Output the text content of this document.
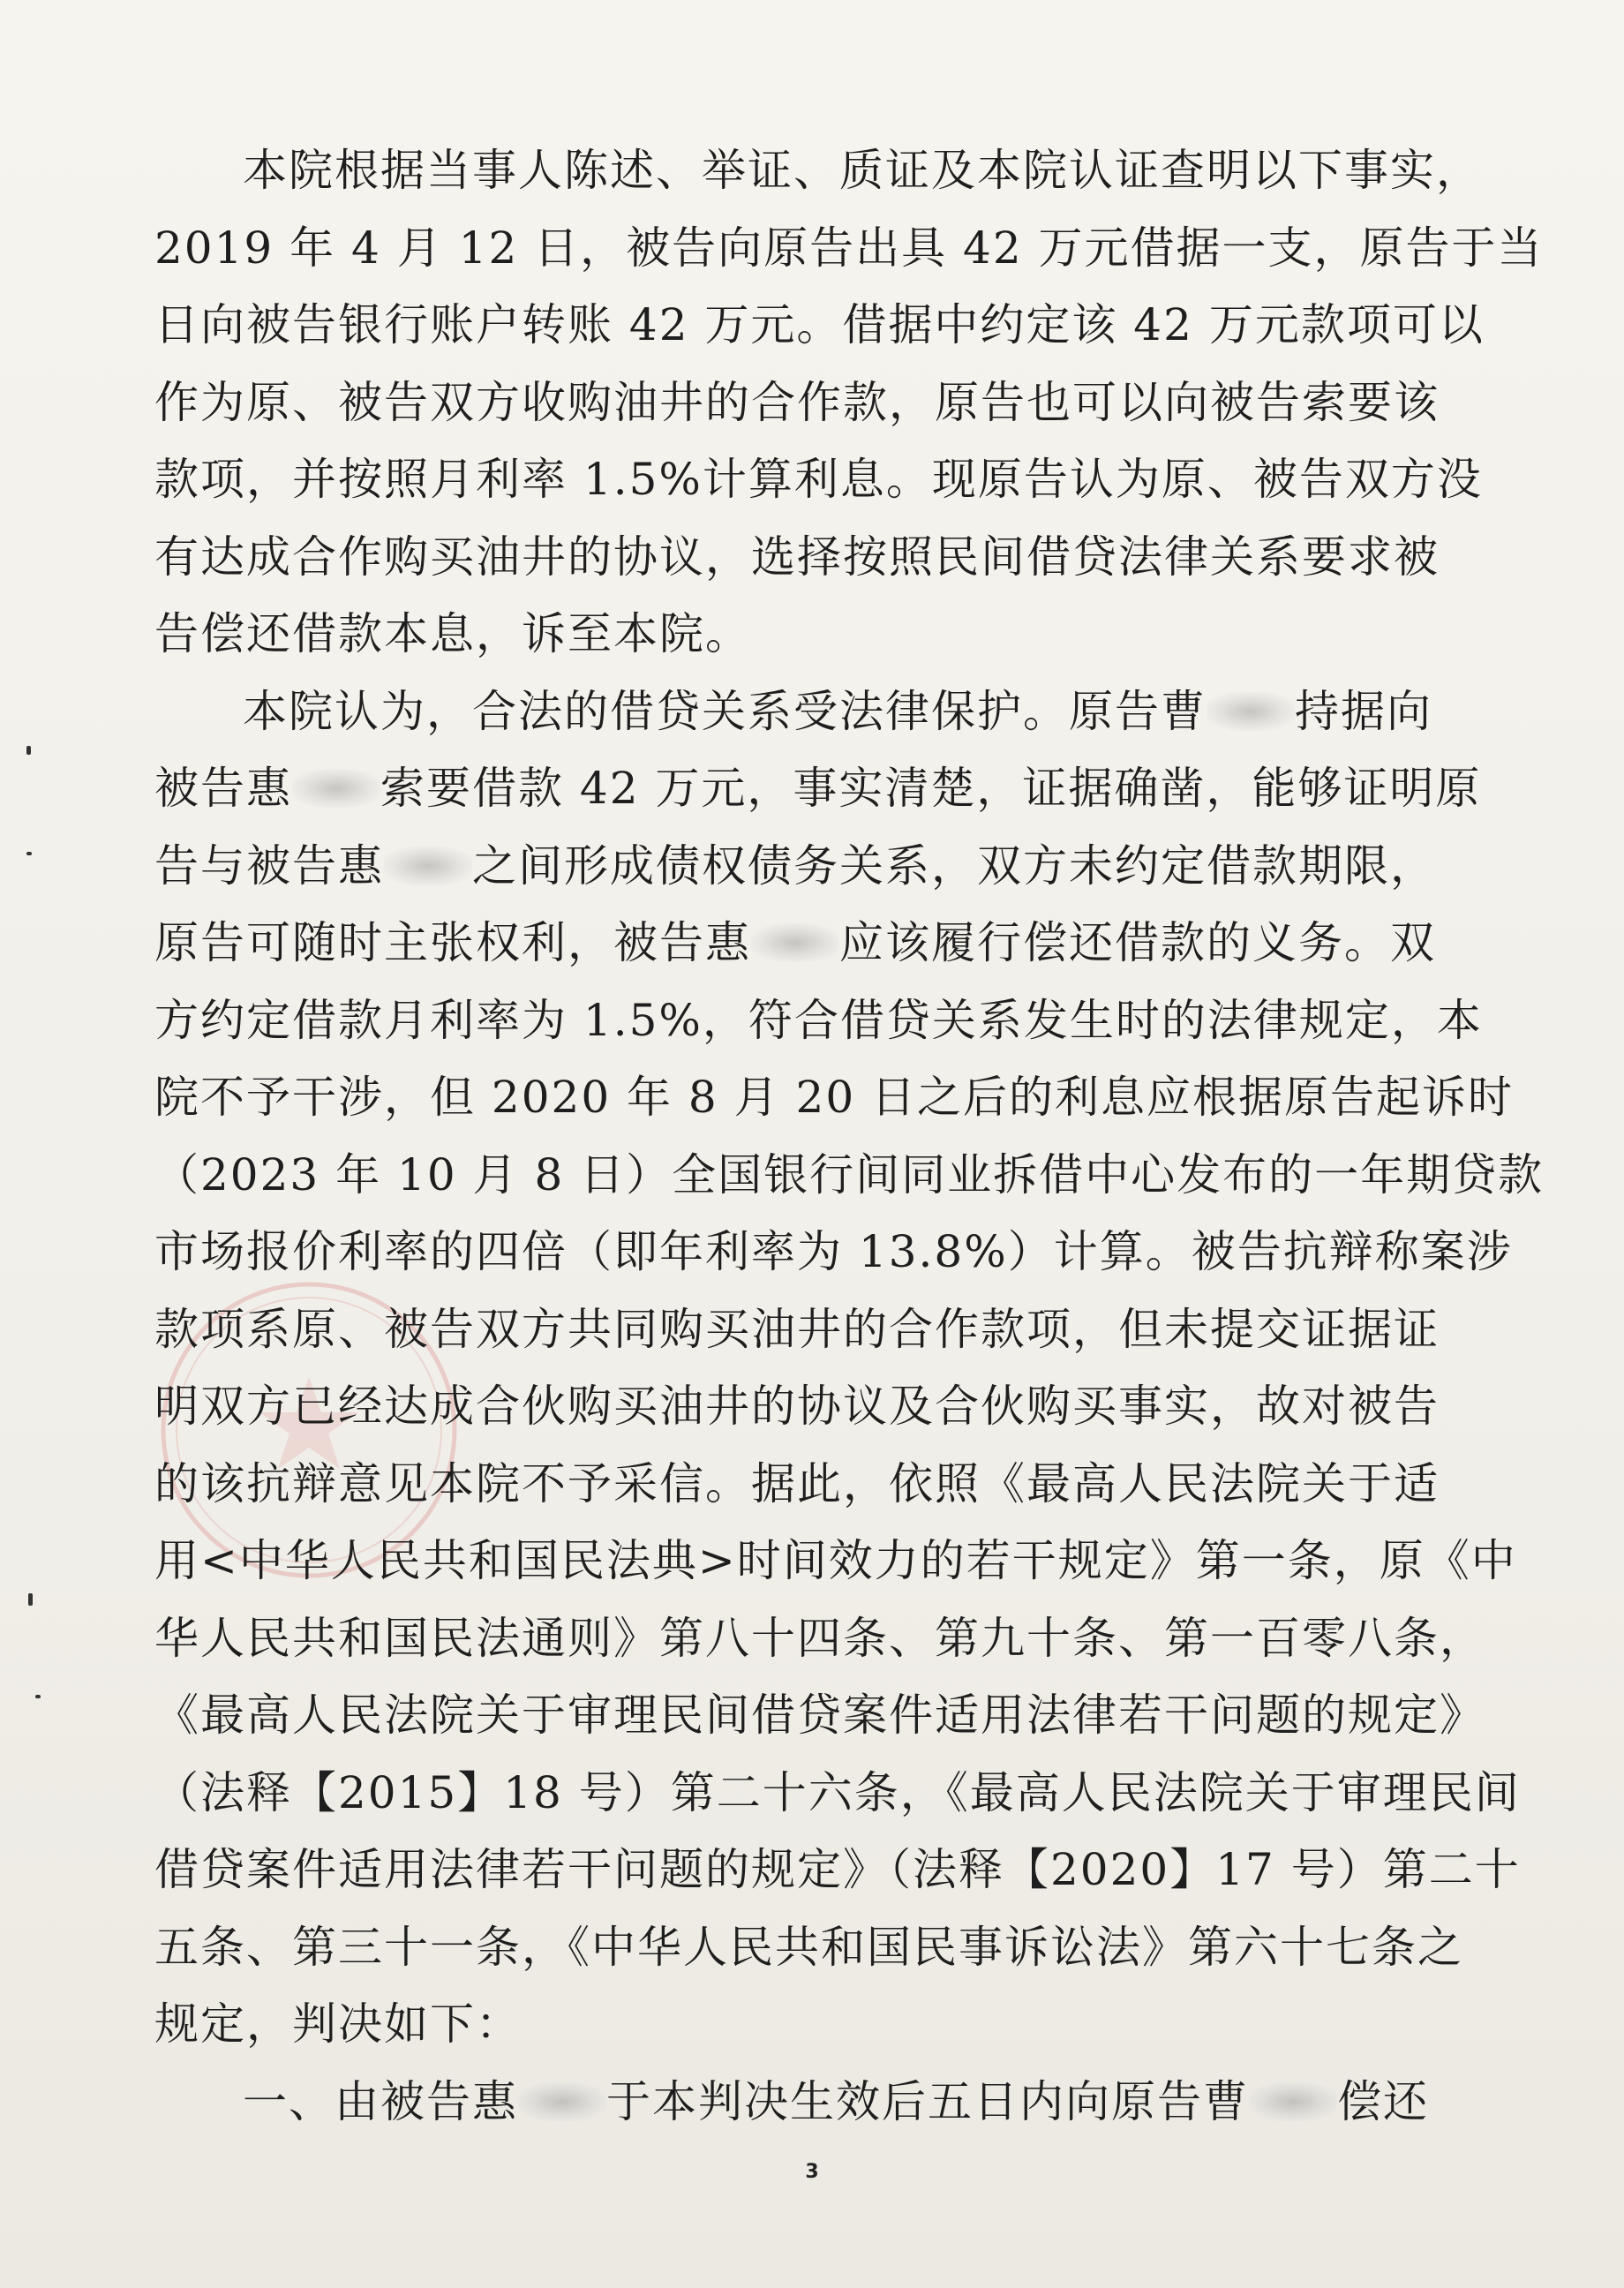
本院根据当事人陈述、举证、质证及本院认证查明以下事实，
2019 年 4 月 12 日，被告向原告出具 42 万元借据一支，原告于当
日向被告银行账户转账 42 万元。借据中约定该 42 万元款项可以
作为原、被告双方收购油井的合作款，原告也可以向被告索要该
款项，并按照月利率 1.5%计算利息。现原告认为原、被告双方没
有达成合作购买油井的协议，选择按照民间借贷法律关系要求被
告偿还借款本息，诉至本院。
本院认为，合法的借贷关系受法律保护。原告曹 持据向
被告惠 索要借款 42 万元，事实清楚，证据确凿，能够证明原
告与被告惠 之间形成债权债务关系，双方未约定借款期限，
原告可随时主张权利，被告惠 应该履行偿还借款的义务。双
方约定借款月利率为 1.5%，符合借贷关系发生时的法律规定，本
院不予干涉，但 2020 年 8 月 20 日之后的利息应根据原告起诉时
（2023 年 10 月 8 日）全国银行间同业拆借中心发布的一年期贷款
市场报价利率的四倍（即年利率为 13.8%）计算。被告抗辩称案涉
款项系原、被告双方共同购买油井的合作款项，但未提交证据证
明双方已经达成合伙购买油井的协议及合伙购买事实，故对被告
的该抗辩意见本院不予采信。据此，依照《最高人民法院关于适
用<中华人民共和国民法典>时间效力的若干规定》第一条，原《中
华人民共和国民法通则》第八十四条、第九十条、第一百零八条，
《最高人民法院关于审理民间借贷案件适用法律若干问题的规定》
（法释【2015】18 号）第二十六条，《最高人民法院关于审理民间
借贷案件适用法律若干问题的规定》（法释【2020】17 号）第二十
五条、第三十一条，《中华人民共和国民事诉讼法》第六十七条之
规定，判决如下：
一、由被告惠 于本判决生效后五日内向原告曹 偿还
3
